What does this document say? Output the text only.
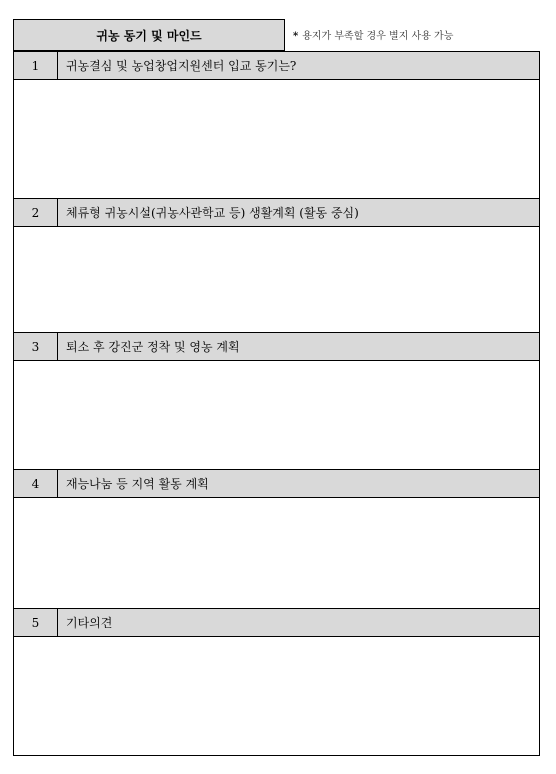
귀농 동기 및 마인드	* 용지가 부족할 경우 별지 사용 가능
1	귀농결심 및 농업창업지원센터 입교 동기는?
2	체류형 귀농시설(귀농사관학교 등) 생활계획 (활동 중심)
3	퇴소 후 강진군 정착 및 영농 계획
4	재능나눔 등 지역 활동 계획
5	기타의견
